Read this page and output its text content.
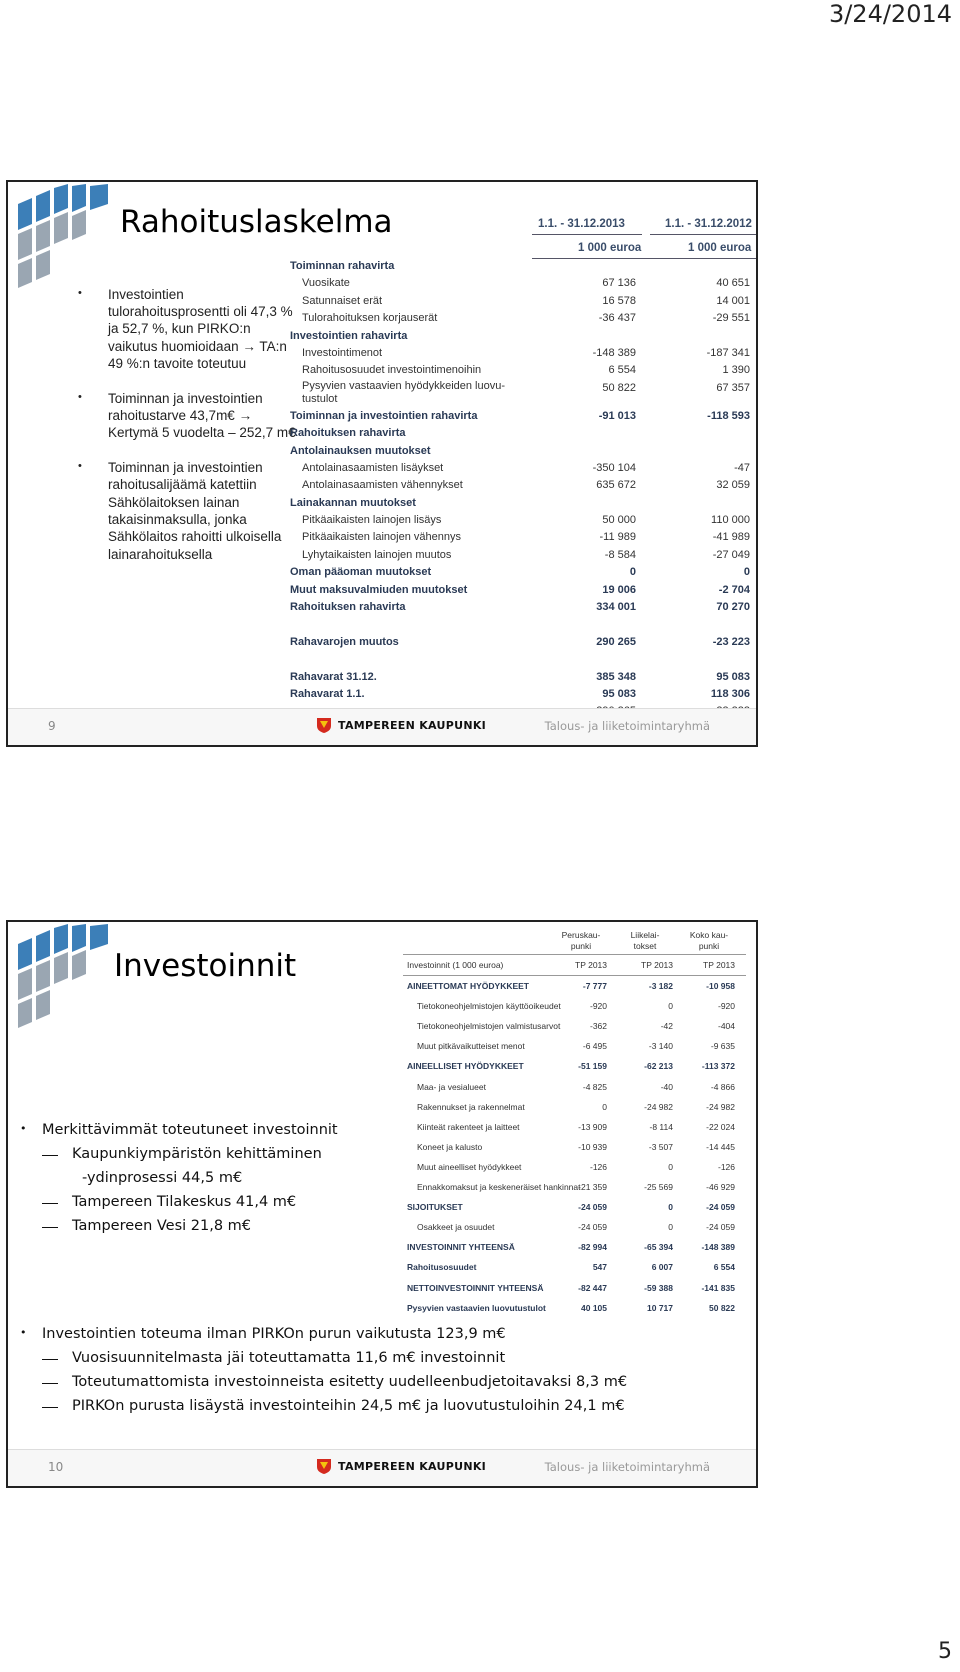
3/24/2014
Rahoituslaskelma
• Investointien tulorahoitusprosentti oli 47,3 % ja 52,7 %, kun PIRKO:n vaikutus huomioidaan → TA:n 49 %:n tavoite toteutuu
• Toiminnan ja investointien rahoitustarve 43,7m€ → Kertymä 5 vuodelta – 252,7 m€
• Toiminnan ja investointien rahoitusalijäämä katettiin Sähkölaitoksen lainan takaisinmaksulla, jonka Sähkölaitos rahoitti ulkoisella lainarahoituksella
1.1. - 31.12.2013	1.1. - 31.12.2012
1 000 euroa	1 000 euroa
Toiminnan rahavirta
Vuosikate	67 136	40 651
Satunnaiset erät	16 578	14 001
Tulorahoituksen korjauserät	-36 437	-29 551
Investointien rahavirta
Investointimenot	-148 389	-187 341
Rahoitusosuudet investointimenoihin	6 554	1 390
Pysyvien vastaavien hyödykkeiden luovu-
tustulot
50 822	67 357
Toiminnan ja investointien rahavirta	-91 013	-118 593
Rahoituksen rahavirta
Antolainauksen muutokset
Antolainasaamisten lisäykset	-350 104	-47
Antolainasaamisten vähennykset	635 672	32 059
Lainakannan muutokset
Pitkäaikaisten lainojen lisäys	50 000	110 000
Pitkäaikaisten lainojen vähennys	-11 989	-41 989
Lyhytaikaisten lainojen muutos	-8 584	-27 049
Oman pääoman muutokset	0	0
Muut maksuvalmiuden muutokset	19 006	-2 704
Rahoituksen rahavirta	334 001	70 270
Rahavarojen muutos	290 265	-23 223
Rahavarat 31.12.	385 348	95 083
Rahavarat 1.1.	95 083	118 306
9	TAMPEREEN KAUPUNKI	Talous- ja liiketoimintaryhmä
Investoinnit
Peruskau-
punki
Liikelai-
tokset
Koko kau-
punki
Investoinnit (1 000 euroa)	TP 2013	TP 2013	TP 2013
AINEETTOMAT HYÖDYKKEET	-7 777	-3 182	-10 958
Tietokoneohjelmistojen käyttöoikeudet	-920	0	-920
Tietokoneohjelmistojen valmistusarvot	-362	-42	-404
Muut pitkävaikutteiset menot	-6 495	-3 140	-9 635
AINEELLISET HYÖDYKKEET	-51 159	-62 213	-113 372
Maa- ja vesialueet	-4 825	-40	-4 866
Rakennukset ja rakennelmat	0	-24 982	-24 982
Kiinteät rakenteet ja laitteet	-13 909	-8 114	-22 024
Koneet ja kalusto	-10 939	-3 507	-14 445
Muut aineelliset hyödykkeet	-126	0	-126
Ennakkomaksut ja keskeneräiset hankinnat
-21 359	-25 569	-46 929
SIJOITUKSET	-24 059	0	-24 059
Osakkeet ja osuudet	-24 059	0	-24 059
INVESTOINNIT YHTEENSÄ	-82 994	-65 394	-148 389
Rahoitusosuudet	547	6 007	6 554
NETTOINVESTOINNIT YHTEENSÄ	-82 447	-59 388	-141 835
Pysyvien vastaavien luovutustulot	40 105	10 717	50 822
• Merkittävimmät toteutuneet investoinnit
Kaupunkiympäristön kehittäminen
-ydinprosessi 44,5 m€
Tampereen Tilakeskus 41,4 m€
Tampereen Vesi 21,8 m€
• Investointien toteuma ilman PIRKOn purun vaikutusta 123,9 m€
Vuosisuunnitelmasta jäi toteuttamatta 11,6 m€ investoinnit
Toteutumattomista investoinneista esitetty uudelleenbudjetoitavaksi 8,3 m€
PIRKOn purusta lisäystä investointeihin 24,5 m€ ja luovutustuloihin 24,1 m€
10	TAMPEREEN KAUPUNKI	Talous- ja liiketoimintaryhmä
5
